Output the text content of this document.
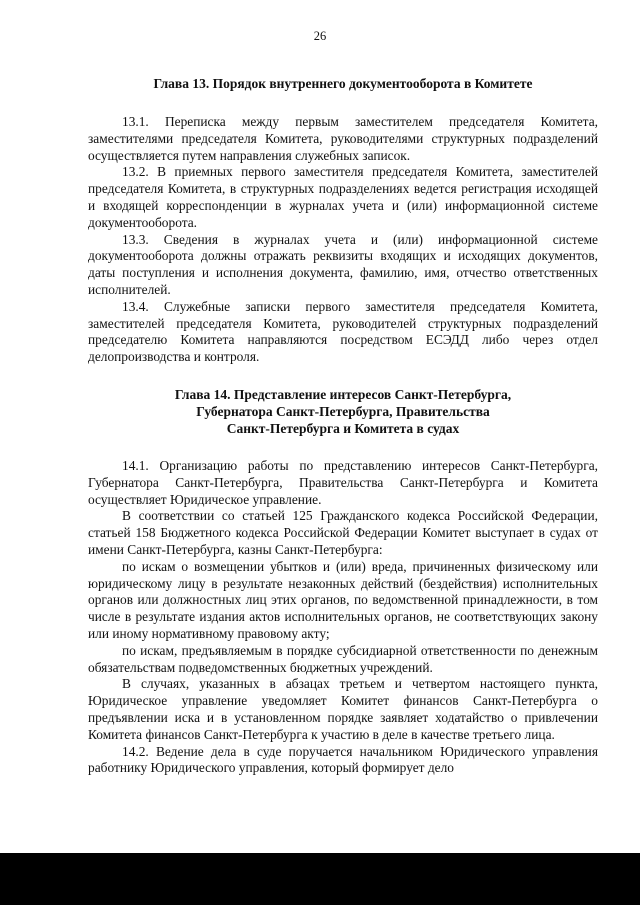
26
Глава 13. Порядок внутреннего документооборота в Комитете

13.1. Переписка между первым заместителем председателя Комитета, заместителями председателя Комитета, руководителями структурных подразделений осуществляется путем направления служебных записок.

13.2. В приемных первого заместителя председателя Комитета, заместителей председателя Комитета, в структурных подразделениях ведется регистрация исходящей и входящей корреспонденции в журналах учета и (или) информационной системе документооборота.

13.3. Сведения в журналах учета и (или) информационной системе документооборота должны отражать реквизиты входящих и исходящих документов, даты поступления и исполнения документа, фамилию, имя, отчество ответственных исполнителей.

13.4. Служебные записки первого заместителя председателя Комитета, заместителей председателя Комитета, руководителей структурных подразделений председателю Комитета направляются посредством ЕСЭДД либо через отдел делопроизводства и контроля.

Глава 14. Представление интересов Санкт-Петербурга,
Губернатора Санкт-Петербурга, Правительства
Санкт-Петербурга и Комитета в судах

14.1. Организацию работы по представлению интересов Санкт-Петербурга, Губернатора Санкт-Петербурга, Правительства Санкт-Петербурга и Комитета осуществляет Юридическое управление.

В соответствии со статьей 125 Гражданского кодекса Российской Федерации, статьей 158 Бюджетного кодекса Российской Федерации Комитет выступает в судах от имени Санкт-Петербурга, казны Санкт-Петербурга:

по искам о возмещении убытков и (или) вреда, причиненных физическому или юридическому лицу в результате незаконных действий (бездействия) исполнительных органов или должностных лиц этих органов, по ведомственной принадлежности, в том числе в результате издания актов исполнительных органов, не соответствующих закону или иному нормативному правовому акту;

по искам, предъявляемым в порядке субсидиарной ответственности по денежным обязательствам подведомственных бюджетных учреждений.

В случаях, указанных в абзацах третьем и четвертом настоящего пункта, Юридическое управление уведомляет Комитет финансов Санкт-Петербурга о предъявлении иска и в установленном порядке заявляет ходатайство о привлечении Комитета финансов Санкт-Петербурга к участию в деле в качестве третьего лица.

14.2. Ведение дела в суде поручается начальником Юридического управления работнику Юридического управления, который формирует дело
